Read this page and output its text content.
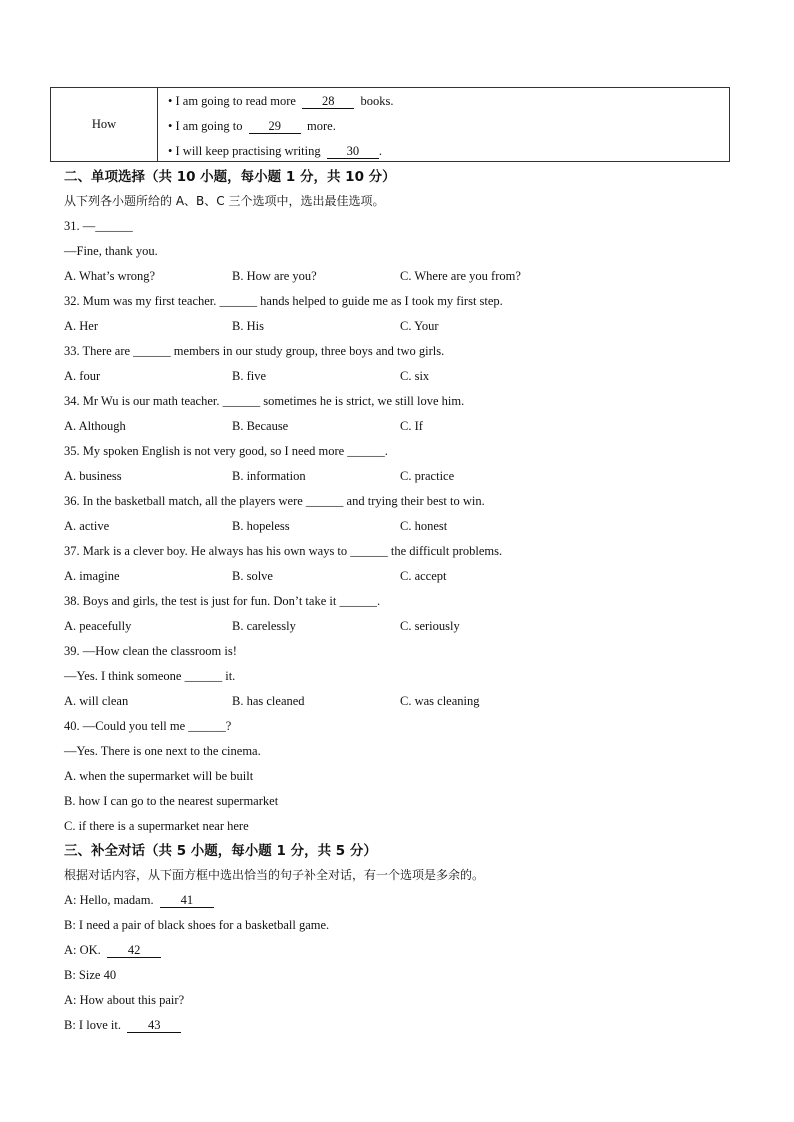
How
• I am going to read more 28 books.
• I am going to 29 more.
• I will keep practising writing 30 .
二、单项选择（共 10 小题，每小题 1 分，共 10 分）
从下列各小题所给的 A、B、C 三个选项中，选出最佳选项。
31. —______
—Fine, thank you.
A. What’s wrong?	B. How are you?	C. Where are you from?
32. Mum was my first teacher. ______ hands helped to guide me as I took my first step.
A. Her	B. His	C. Your
33. There are ______ members in our study group, three boys and two girls.
A. four	B. five	C. six
34. Mr Wu is our math teacher. ______ sometimes he is strict, we still love him.
A. Although	B. Because	C. If
35. My spoken English is not very good, so I need more ______.
A. business	B. information	C. practice
36. In the basketball match, all the players were ______ and trying their best to win.
A. active	B. hopeless	C. honest
37. Mark is a clever boy. He always has his own ways to ______ the difficult problems.
A. imagine	B. solve	C. accept
38. Boys and girls, the test is just for fun. Don’t take it ______.
A. peacefully	B. carelessly	C. seriously
39. —How clean the classroom is!
—Yes. I think someone ______ it.
A. will clean	B. has cleaned	C. was cleaning
40. —Could you tell me ______?
—Yes. There is one next to the cinema.
A. when the supermarket will be built
B. how I can go to the nearest supermarket
C. if there is a supermarket near here
三、补全对话（共 5 小题，每小题 1 分，共 5 分）
根据对话内容，从下面方框中选出恰当的句子补全对话，有一个选项是多余的。
A: Hello, madam. 41
B: I need a pair of black shoes for a basketball game.
A: OK. 42
B: Size 40
A: How about this pair?
B: I love it. 43
